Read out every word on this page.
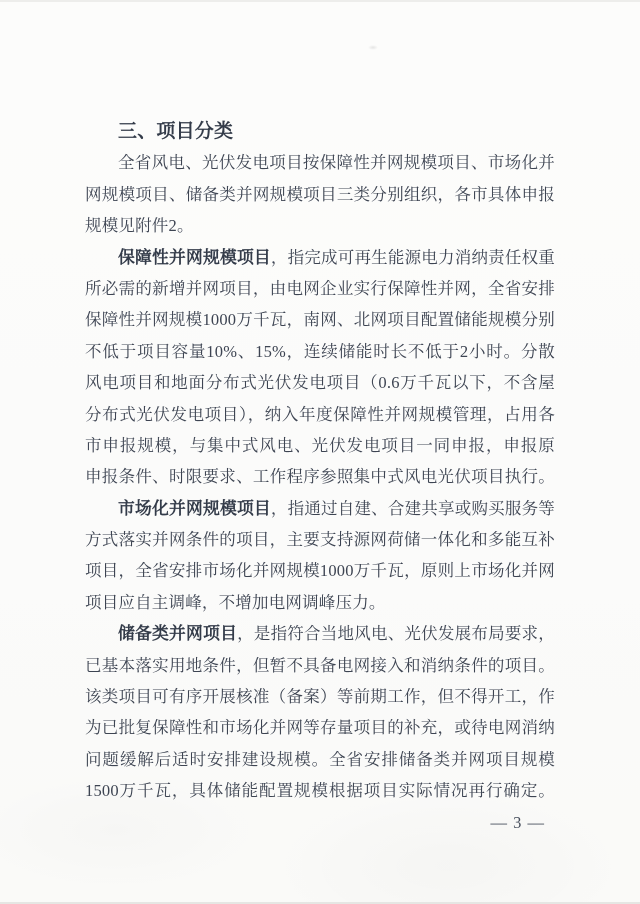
三、项目分类
全省风电、光伏发电项目按保障性并网规模项目、市场化并
网规模项目、储备类并网规模项目三类分别组织，各市具体申报
规模见附件2。
保障性并网规模项目，指完成可再生能源电力消纳责任权重
所必需的新增并网项目，由电网企业实行保障性并网，全省安排
保障性并网规模1000万千瓦，南网、北网项目配置储能规模分别
不低于项目容量10%、15%，连续储能时长不低于2小时。分散
风电项目和地面分布式光伏发电项目（0.6万千瓦以下，不含屋
分布式光伏发电项目），纳入年度保障性并网规模管理，占用各
市申报规模，与集中式风电、光伏发电项目一同申报，申报原
申报条件、时限要求、工作程序参照集中式风电光伏项目执行。
市场化并网规模项目，指通过自建、合建共享或购买服务等
方式落实并网条件的项目，主要支持源网荷储一体化和多能互补
项目，全省安排市场化并网规模1000万千瓦，原则上市场化并网
项目应自主调峰，不增加电网调峰压力。
储备类并网项目，是指符合当地风电、光伏发展布局要求，
已基本落实用地条件，但暂不具备电网接入和消纳条件的项目。
该类项目可有序开展核准（备案）等前期工作，但不得开工，作
为已批复保障性和市场化并网等存量项目的补充，或待电网消纳
问题缓解后适时安排建设规模。全省安排储备类并网项目规模
1500万千瓦，具体储能配置规模根据项目实际情况再行确定。
— 3 —
